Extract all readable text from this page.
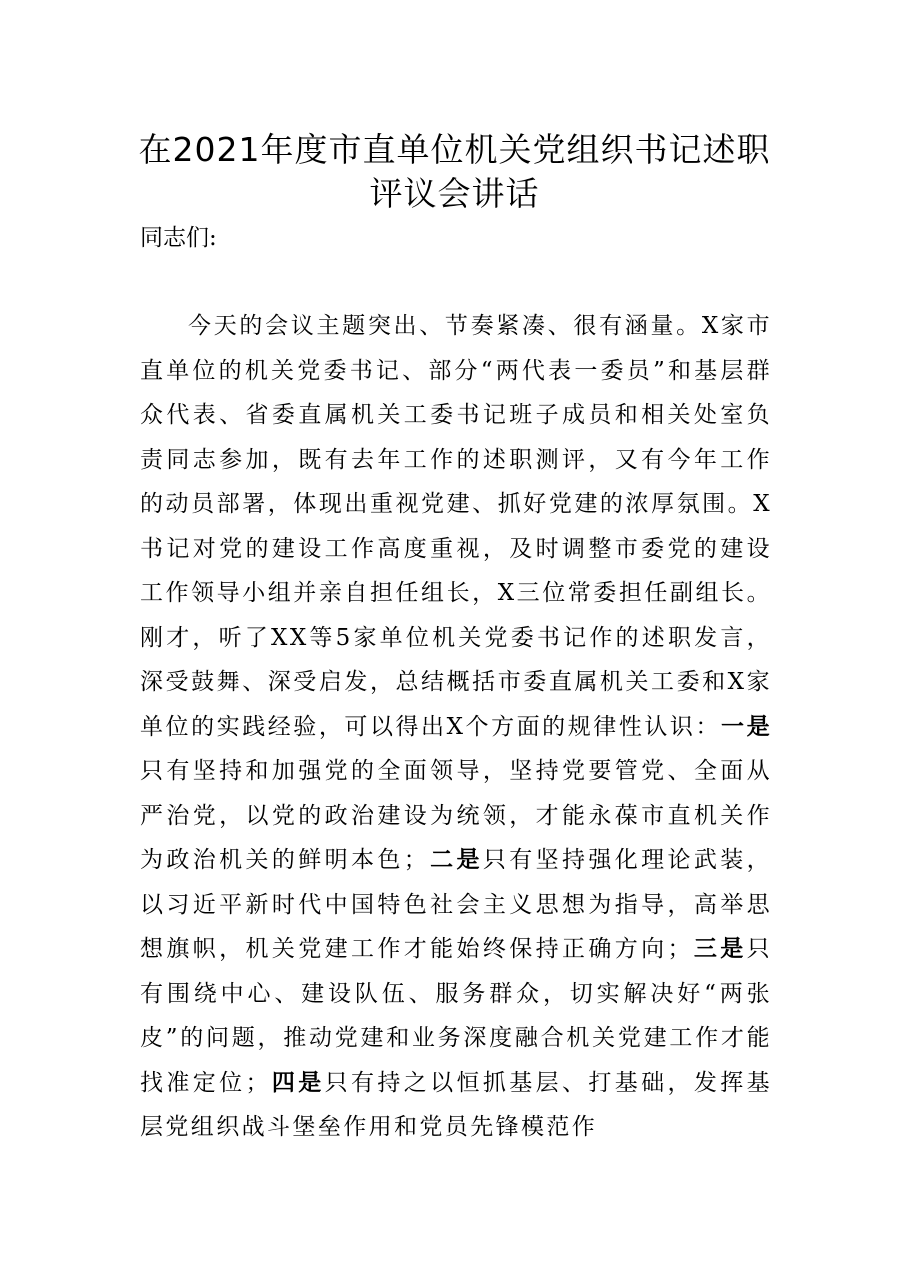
在2021年度市直单位机关党组织书记述职
评议会讲话
同志们:

今天的会议主题突出、节奏紧凑、很有涵量。X家市直单位的机关党委书记、部分“两代表一委员”和基层群众代表、省委直属机关工委书记班子成员和相关处室负责同志参加，既有去年工作的述职测评，又有今年工作的动员部署，体现出重视党建、抓好党建的浓厚氛围。X书记对党的建设工作高度重视，及时调整市委党的建设工作领导小组并亲自担任组长，X三位常委担任副组长。刚才，听了XX等5家单位机关党委书记作的述职发言，深受鼓舞、深受启发，总结概括市委直属机关工委和X家单位的实践经验，可以得出X个方面的规律性认识：一是只有坚持和加强党的全面领导，坚持党要管党、全面从严治党，以党的政治建设为统领，才能永葆市直机关作为政治机关的鲜明本色；二是只有坚持强化理论武装，以习近平新时代中国特色社会主义思想为指导，高举思想旗帜，机关党建工作才能始终保持正确方向；三是只有围绕中心、建设队伍、服务群众，切实解决好“两张皮”的问题，推动党建和业务深度融合机关党建工作才能找准定位；四是只有持之以恒抓基层、打基础，发挥基层党组织战斗堡垒作用和党员先锋模范作
